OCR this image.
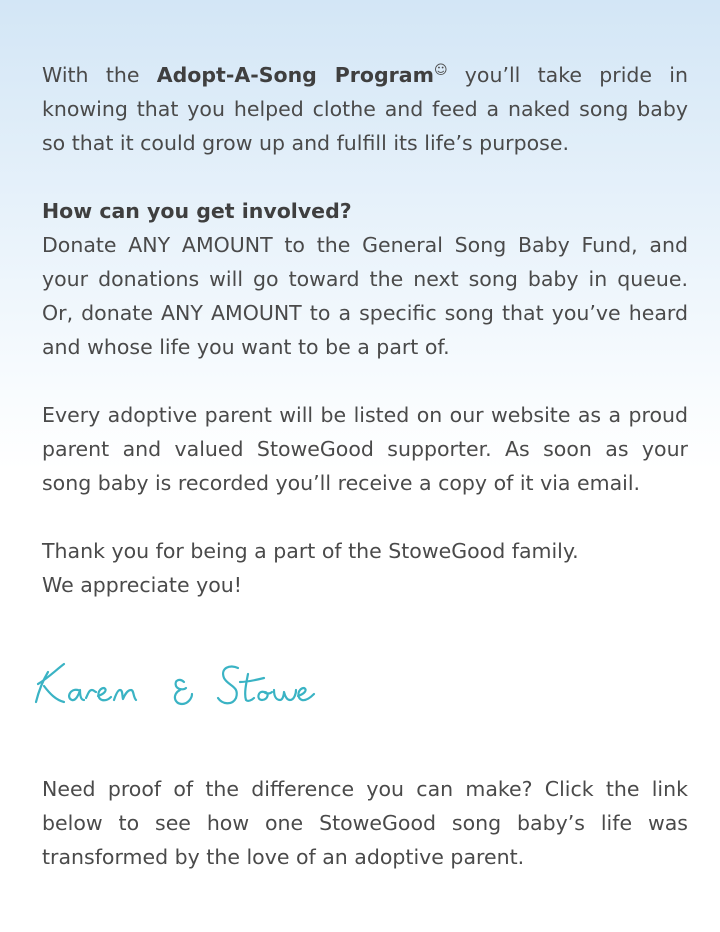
With the Adopt-A-Song Program☺ you’ll take pride in knowing that you helped clothe and feed a naked song baby so that it could grow up and fulfill its life’s purpose.

How can you get involved?

Donate ANY AMOUNT to the General Song Baby Fund, and your donations will go toward the next song baby in queue. Or, donate ANY AMOUNT to a specific song that you’ve heard and whose life you want to be a part of.

Every adoptive parent will be listed on our website as a proud parent and valued StoweGood supporter. As soon as your song baby is recorded you’ll receive a copy of it via email.

Thank you for being a part of the StoweGood family.

We appreciate you!

Need proof of the difference you can make? Click the link below to see how one StoweGood song baby’s life was transformed by the love of an adoptive parent.
